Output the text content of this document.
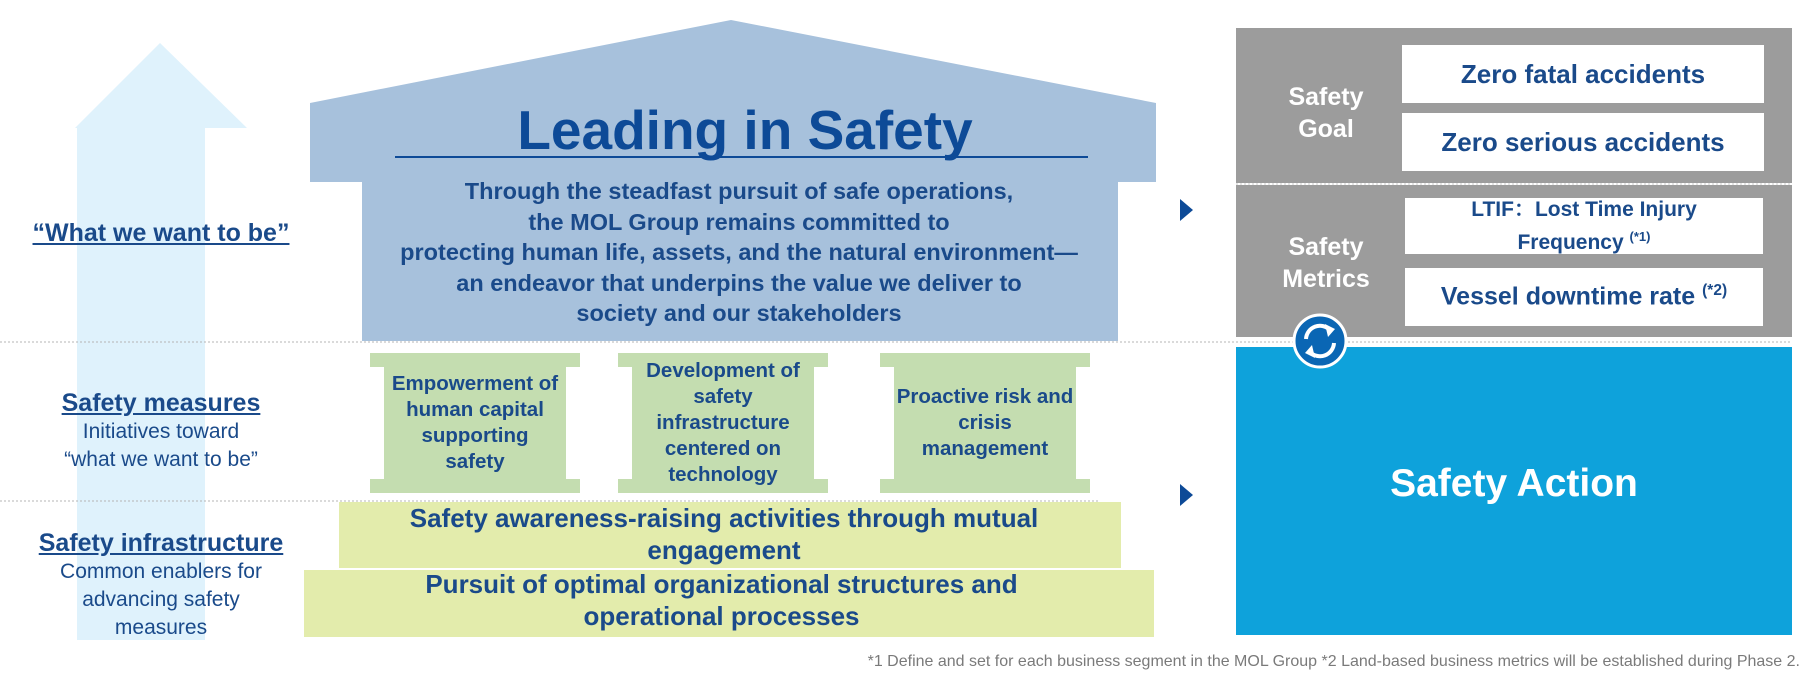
“What we want to be”
Safety measures
Initiatives toward
“what we want to be”
Safety infrastructure
Common enablers for
advancing safety
measures
Leading in Safety
Through the steadfast pursuit of safe operations,
the MOL Group remains committed to
protecting human life, assets, and the natural environment—
an endeavor that underpins the value we deliver to
society and our stakeholders
Empowerment of
human capital
supporting
safety
Development of
safety
infrastructure
centered on
technology
Proactive risk and
crisis
management
Safety awareness-raising activities through mutual
engagement
Pursuit of optimal organizational structures and
operational processes
Safety
Goal
Zero fatal accidents
Zero serious accidents
Safety
Metrics
LTIF：Lost Time Injury
Frequency $^{(*1)}$
Vessel downtime rate $^{(*2)}$
Safety Action
*1 Define and set for each business segment in the MOL Group *2 Land-based business metrics will be established during Phase 2.
